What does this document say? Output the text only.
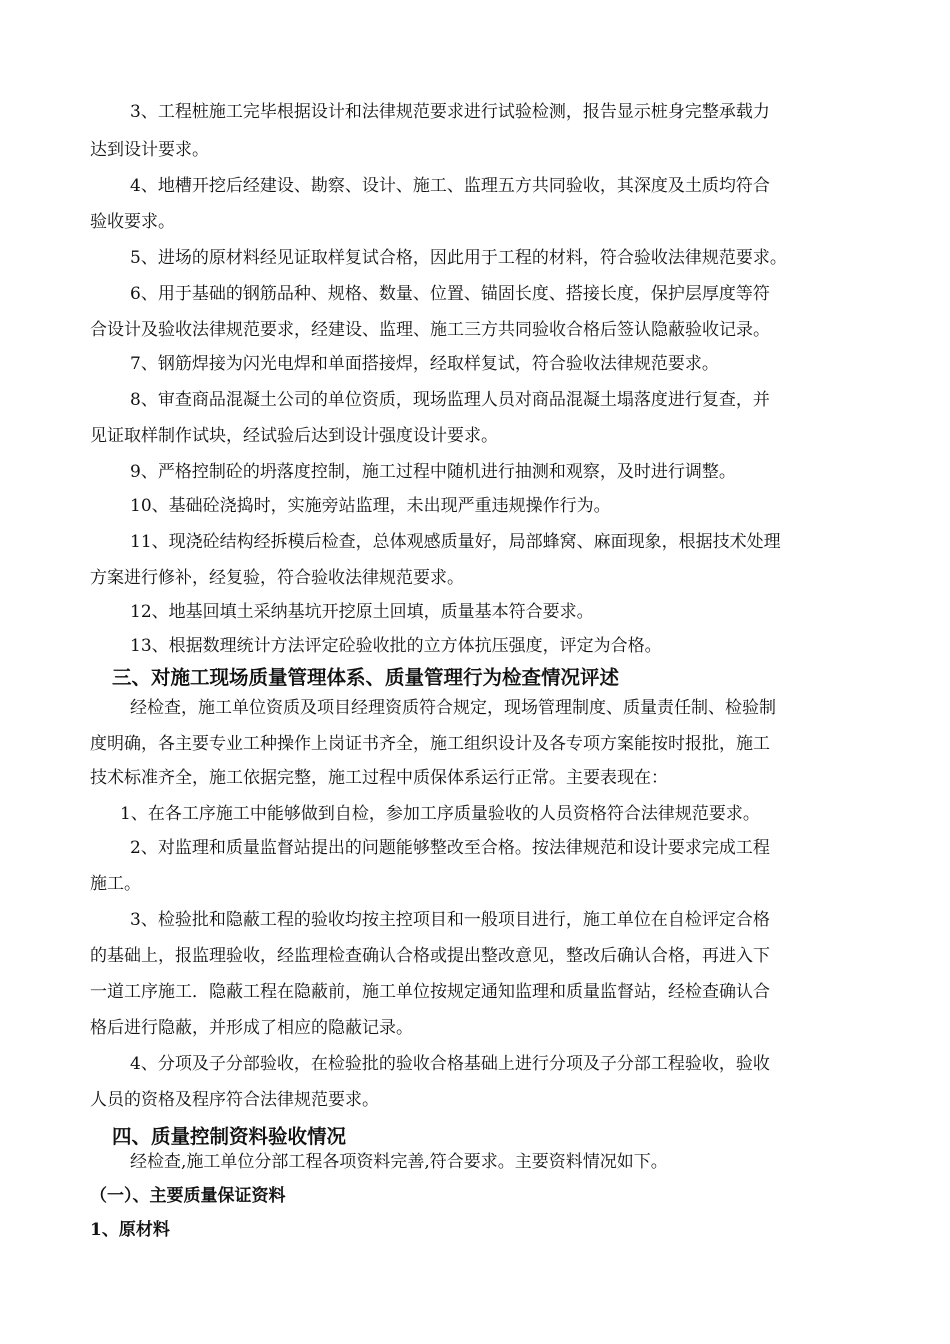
3、工程桩施工完毕根据设计和法律规范要求进行试验检测，报告显示桩身完整承载力
达到设计要求。
4、地槽开挖后经建设、勘察、设计、施工、监理五方共同验收，其深度及土质均符合
验收要求。
5、进场的原材料经见证取样复试合格，因此用于工程的材料，符合验收法律规范要求。
6、用于基础的钢筋品种、规格、数量、位置、锚固长度、搭接长度，保护层厚度等符
合设计及验收法律规范要求，经建设、监理、施工三方共同验收合格后签认隐蔽验收记录。
7、钢筋焊接为闪光电焊和单面搭接焊，经取样复试，符合验收法律规范要求。
8、审查商品混凝土公司的单位资质，现场监理人员对商品混凝土塌落度进行复查，并
见证取样制作试块，经试验后达到设计强度设计要求。
9、严格控制砼的坍落度控制，施工过程中随机进行抽测和观察，及时进行调整。
10、基础砼浇捣时，实施旁站监理，未出现严重违规操作行为。
11、现浇砼结构经拆模后检查，总体观感质量好，局部蜂窝、麻面现象，根据技术处理
方案进行修补，经复验，符合验收法律规范要求。
12、地基回填土采纳基坑开挖原土回填，质量基本符合要求。
13、根据数理统计方法评定砼验收批的立方体抗压强度，评定为合格。
三、对施工现场质量管理体系、质量管理行为检查情况评述
经检查，施工单位资质及项目经理资质符合规定，现场管理制度、质量责任制、检验制
度明确，各主要专业工种操作上岗证书齐全，施工组织设计及各专项方案能按时报批，施工
技术标准齐全，施工依据完整，施工过程中质保体系运行正常。主要表现在：
1、在各工序施工中能够做到自检，参加工序质量验收的人员资格符合法律规范要求。
2、对监理和质量监督站提出的问题能够整改至合格。按法律规范和设计要求完成工程
施工。
3、检验批和隐蔽工程的验收均按主控项目和一般项目进行，施工单位在自检评定合格
的基础上，报监理验收，经监理检查确认合格或提出整改意见，整改后确认合格，再进入下
一道工序施工．隐蔽工程在隐蔽前，施工单位按规定通知监理和质量监督站，经检查确认合
格后进行隐蔽，并形成了相应的隐蔽记录。
4、分项及子分部验收，在检验批的验收合格基础上进行分项及子分部工程验收，验收
人员的资格及程序符合法律规范要求。
四、质量控制资料验收情况
经检查,施工单位分部工程各项资料完善,符合要求。主要资料情况如下。
（一）、主要质量保证资料
1、原材料
